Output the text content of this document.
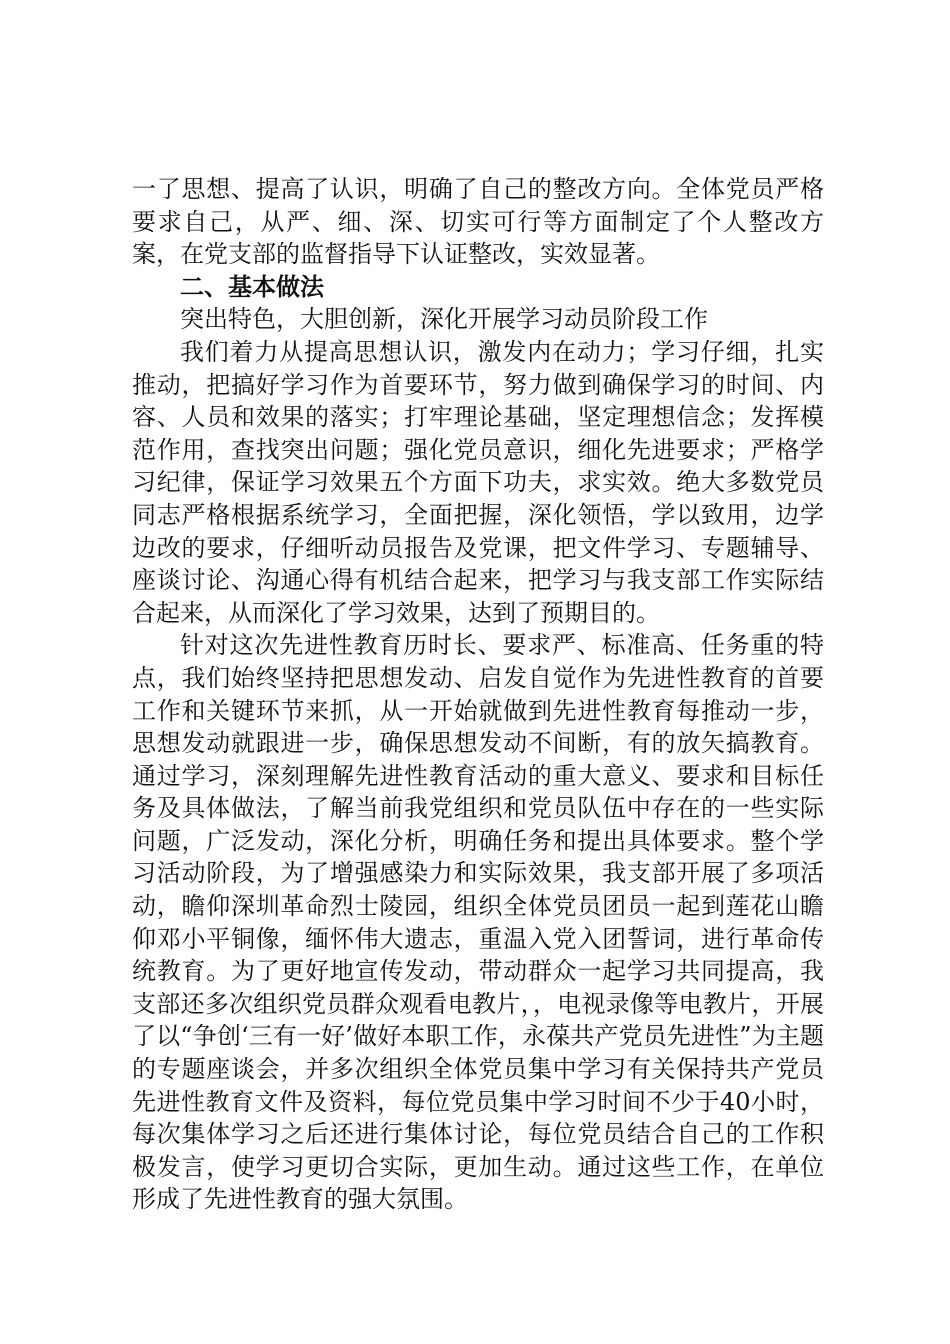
一了思想、提高了认识，明确了自己的整改方向。全体党员严格要求自己，从严、细、深、切实可行等方面制定了个人整改方案，在党支部的监督指导下认证整改，实效显著。

二、基本做法

突出特色，大胆创新，深化开展学习动员阶段工作

我们着力从提高思想认识，激发内在动力；学习仔细，扎实推动，把搞好学习作为首要环节，努力做到确保学习的时间、内容、人员和效果的落实；打牢理论基础，坚定理想信念；发挥模范作用，查找突出问题；强化党员意识，细化先进要求；严格学习纪律，保证学习效果五个方面下功夫，求实效。绝大多数党员同志严格根据系统学习，全面把握，深化领悟，学以致用，边学边改的要求，仔细听动员报告及党课，把文件学习、专题辅导、座谈讨论、沟通心得有机结合起来，把学习与我支部工作实际结合起来，从而深化了学习效果，达到了预期目的。

针对这次先进性教育历时长、要求严、标准高、任务重的特点，我们始终坚持把思想发动、启发自觉作为先进性教育的首要工作和关键环节来抓，从一开始就做到先进性教育每推动一步，思想发动就跟进一步，确保思想发动不间断，有的放矢搞教育。通过学习，深刻理解先进性教育活动的重大意义、要求和目标任务及具体做法，了解当前我党组织和党员队伍中存在的一些实际问题，广泛发动，深化分析，明确任务和提出具体要求。整个学习活动阶段，为了增强感染力和实际效果，我支部开展了多项活动，瞻仰深圳革命烈士陵园，组织全体党员团员一起到莲花山瞻仰邓小平铜像，缅怀伟大遗志，重温入党入团誓词，进行革命传统教育。为了更好地宣传发动，带动群众一起学习共同提高，我支部还多次组织党员群众观看电教片，，电视录像等电教片，开展了以“争创‘三有一好’做好本职工作，永葆共产党员先进性”为主题的专题座谈会，并多次组织全体党员集中学习有关保持共产党员先进性教育文件及资料，每位党员集中学习时间不少于40小时，每次集体学习之后还进行集体讨论，每位党员结合自己的工作积极发言，使学习更切合实际，更加生动。通过这些工作，在单位形成了先进性教育的强大氛围。
